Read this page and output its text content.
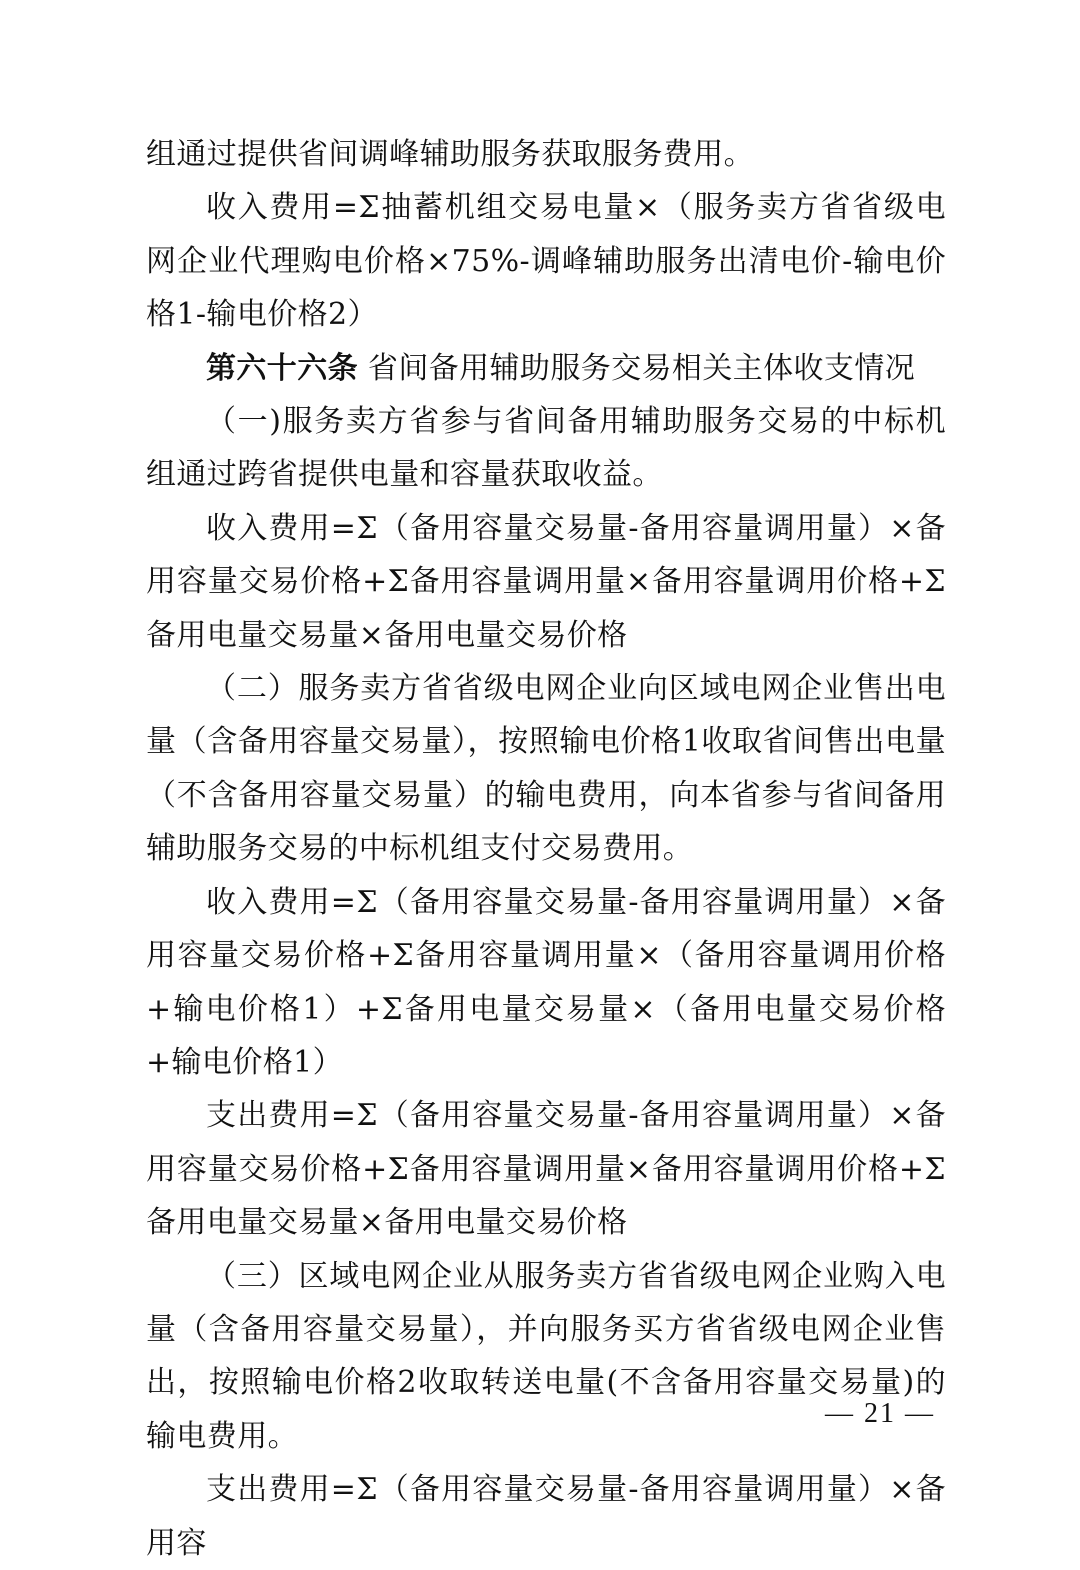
组通过提供省间调峰辅助服务获取服务费用。

收入费用=Σ抽蓄机组交易电量×（服务卖方省省级电网企业代理购电价格×75%-调峰辅助服务出清电价-输电价格1-输电价格2）

第六十六条 省间备用辅助服务交易相关主体收支情况

（一)服务卖方省参与省间备用辅助服务交易的中标机组通过跨省提供电量和容量获取收益。

收入费用=Σ（备用容量交易量-备用容量调用量）×备用容量交易价格+Σ备用容量调用量×备用容量调用价格+Σ备用电量交易量×备用电量交易价格

（二）服务卖方省省级电网企业向区域电网企业售出电量（含备用容量交易量），按照输电价格1收取省间售出电量（不含备用容量交易量）的输电费用，向本省参与省间备用辅助服务交易的中标机组支付交易费用。

收入费用=Σ（备用容量交易量-备用容量调用量）×备用容量交易价格+Σ备用容量调用量×（备用容量调用价格+输电价格1）+Σ备用电量交易量×（备用电量交易价格+输电价格1）

支出费用=Σ（备用容量交易量-备用容量调用量）×备用容量交易价格+Σ备用容量调用量×备用容量调用价格+Σ备用电量交易量×备用电量交易价格

（三）区域电网企业从服务卖方省省级电网企业购入电量（含备用容量交易量），并向服务买方省省级电网企业售出，按照输电价格2收取转送电量(不含备用容量交易量)的输电费用。

支出费用=Σ（备用容量交易量-备用容量调用量）×备用容

— 21 —
